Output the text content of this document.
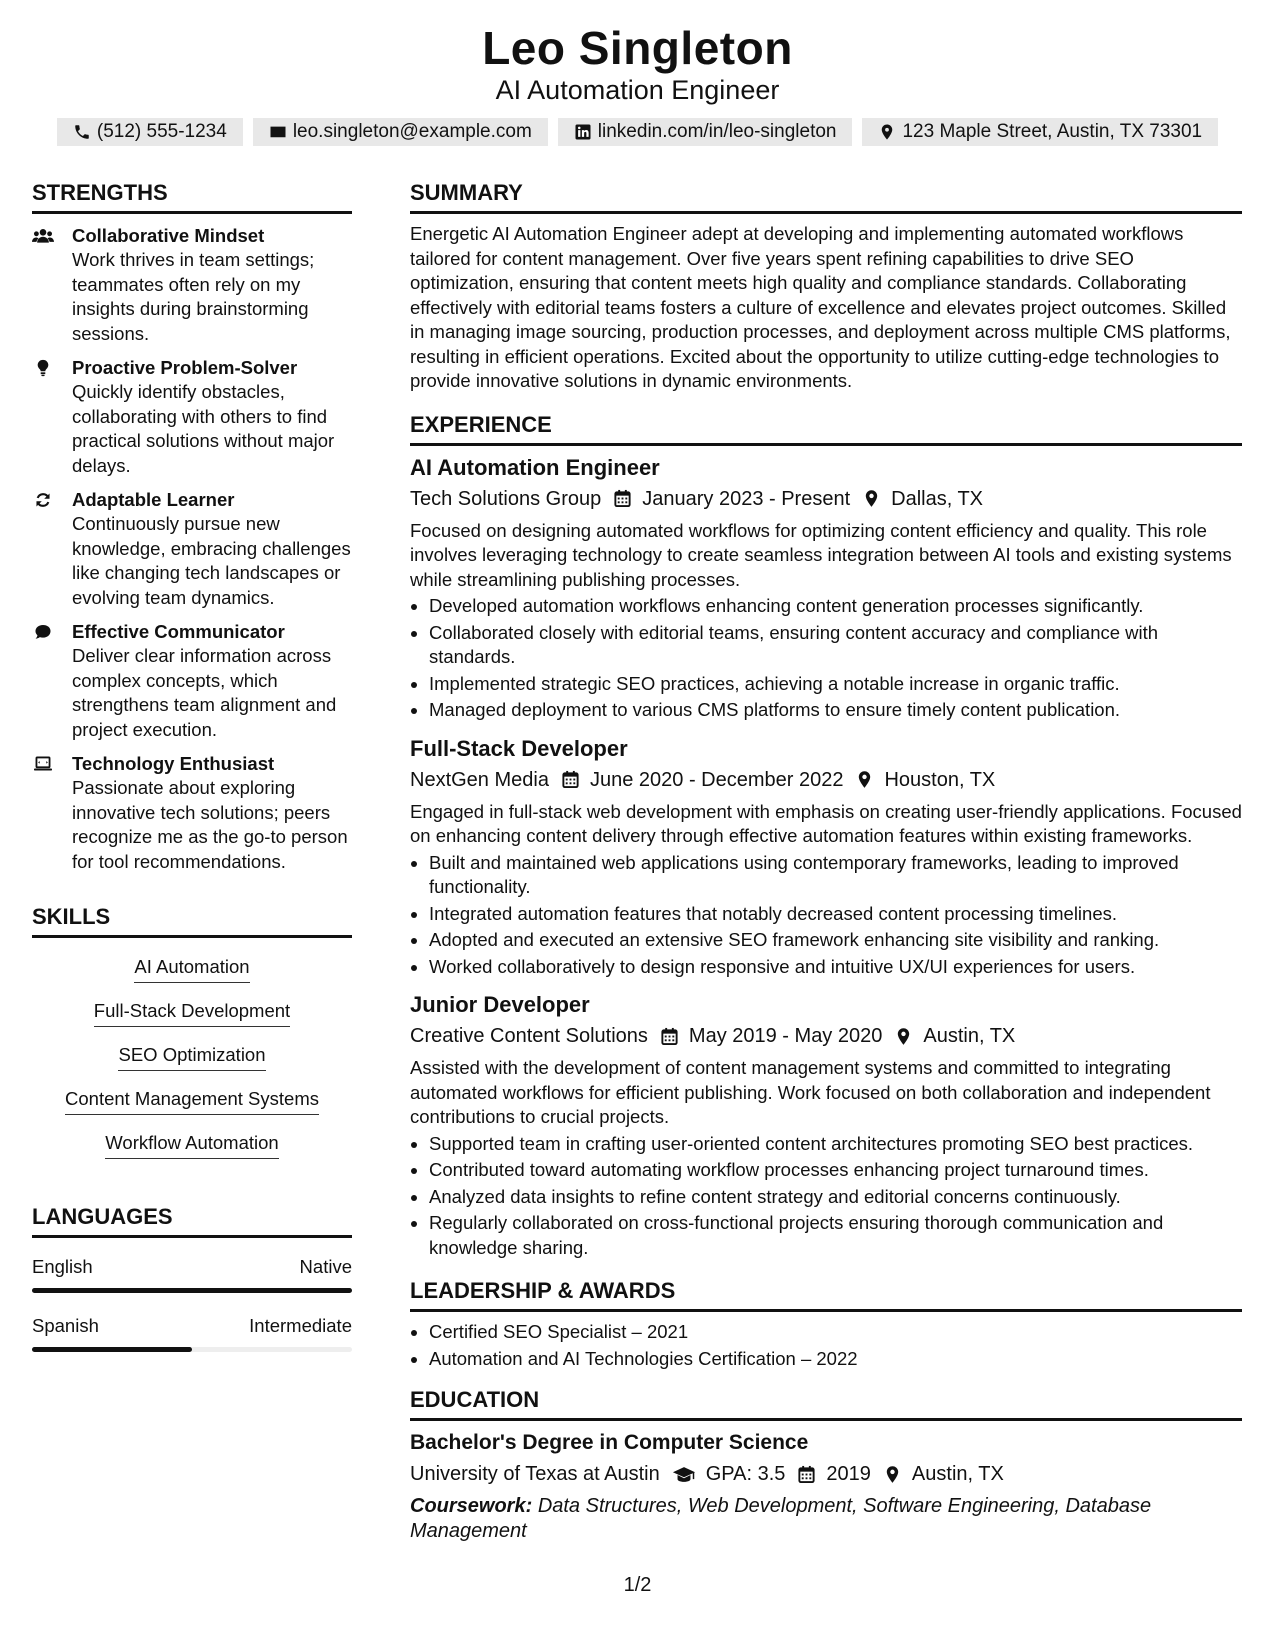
Leo Singleton
AI Automation Engineer
(512) 555-1234	leo.singleton@example.com	linkedin.com/in/leo-singleton	123 Maple Street, Austin, TX 73301
STRENGTHS
Collaborative Mindset
Work thrives in team settings; teammates often rely on my insights during brainstorming sessions.
Proactive Problem-Solver
Quickly identify obstacles, collaborating with others to find practical solutions without major delays.
Adaptable Learner
Continuously pursue new knowledge, embracing challenges like changing tech landscapes or evolving team dynamics.
Effective Communicator
Deliver clear information across complex concepts, which strengthens team alignment and project execution.
Technology Enthusiast
Passionate about exploring innovative tech solutions; peers recognize me as the go-to person for tool recommendations.
SKILLS
AI Automation
Full-Stack Development
SEO Optimization
Content Management Systems
Workflow Automation
LANGUAGES
English	Native
Spanish	Intermediate
SUMMARY
Energetic AI Automation Engineer adept at developing and implementing automated workflows tailored for content management. Over five years spent refining capabilities to drive SEO optimization, ensuring that content meets high quality and compliance standards. Collaborating effectively with editorial teams fosters a culture of excellence and elevates project outcomes. Skilled in managing image sourcing, production processes, and deployment across multiple CMS platforms, resulting in efficient operations. Excited about the opportunity to utilize cutting-edge technologies to provide innovative solutions in dynamic environments.
EXPERIENCE
AI Automation Engineer
Tech Solutions Group January 2023 - Present Dallas, TX
Focused on designing automated workflows for optimizing content efficiency and quality. This role involves leveraging technology to create seamless integration between AI tools and existing systems while streamlining publishing processes.
• Developed automation workflows enhancing content generation processes significantly.
• Collaborated closely with editorial teams, ensuring content accuracy and compliance with standards.
• Implemented strategic SEO practices, achieving a notable increase in organic traffic.
• Managed deployment to various CMS platforms to ensure timely content publication.
Full-Stack Developer
NextGen Media June 2020 - December 2022 Houston, TX
Engaged in full-stack web development with emphasis on creating user-friendly applications. Focused on enhancing content delivery through effective automation features within existing frameworks.
• Built and maintained web applications using contemporary frameworks, leading to improved functionality.
• Integrated automation features that notably decreased content processing timelines.
• Adopted and executed an extensive SEO framework enhancing site visibility and ranking.
• Worked collaboratively to design responsive and intuitive UX/UI experiences for users.
Junior Developer
Creative Content Solutions May 2019 - May 2020 Austin, TX
Assisted with the development of content management systems and committed to integrating automated workflows for efficient publishing. Work focused on both collaboration and independent contributions to crucial projects.
• Supported team in crafting user-oriented content architectures promoting SEO best practices.
• Contributed toward automating workflow processes enhancing project turnaround times.
• Analyzed data insights to refine content strategy and editorial concerns continuously.
• Regularly collaborated on cross-functional projects ensuring thorough communication and knowledge sharing.
LEADERSHIP & AWARDS
• Certified SEO Specialist – 2021
• Automation and AI Technologies Certification – 2022
EDUCATION
Bachelor's Degree in Computer Science
University of Texas at Austin GPA: 3.5 2019 Austin, TX
Coursework: Data Structures, Web Development, Software Engineering, Database Management
1/2
